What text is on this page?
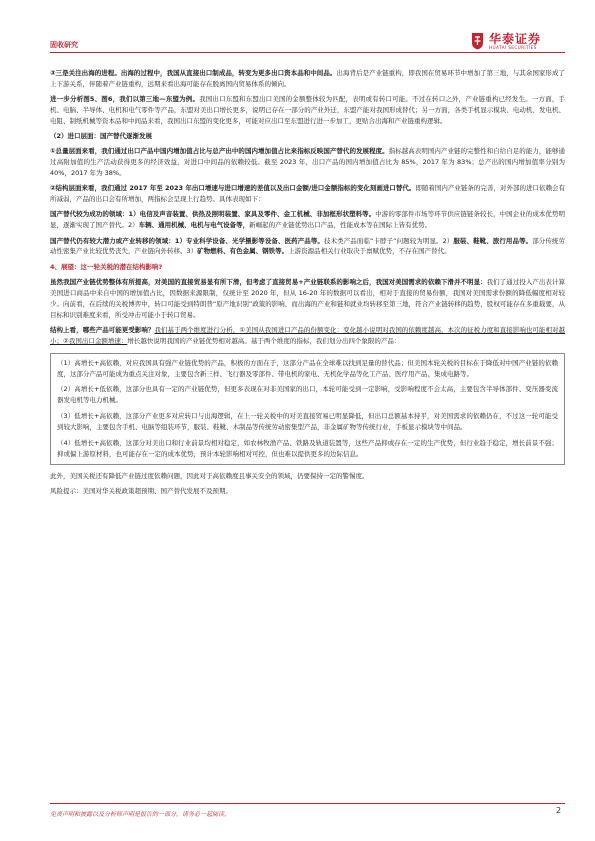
固收研究	华泰证券
HUATAI SECURITIES

③三是关注出海的进程。出海的过程中，我国从直接出口制成品，转变为更多出口资本品和中间品。出海背后是产业链重构，即我国在贸易环节中增加了第三地，与其余国家形成了上下游关系，伴随着产业链重构，远期来看出海可能存在脱离国内贸易体系的倾向。

进一步分析图5、图6，我们以第三地—东盟为例。我国出口东盟和东盟出口美国的金额整体较为匹配，表明或有转口可能。不过在转口之外，产业链重构已经发生。一方面，手机、电脑、半导体、电机和电气零件等产品，东盟对美出口增长更多，说明已存在一部分的产业外迁，东盟产能对我国形成替代；另一方面，各类手机显示模块、电动机、发电机、电阻、制纸机械等资本品和中间品来看，我国出口东盟的变化更多，可能对应出口至东盟进行进一步加工，更贴合出海和产业链重构逻辑。

（2）进口层面：国产替代逐渐发展

①总量层面来看，我们通过出口产品中国内增加值占比与总产出中的国内增加值占比来指标反映国产替代的发展程度。指标越高表明国内产业链的完整性和自给自足的能力，能够通过高附加值的生产活动获得更多的经济效益，对进口中间品的依赖较低。截至 2023 年，出口产品的国内增加值占比为 85%，2017 年为 83%；总产出的国内增加值率分别为 40%，2017 年为 38%。

②结构层面来看，我们通过 2017 年至 2023 年出口增速与进口增速的差值以及出口金额/进口金额指标的变化刻画进口替代。即随着国内产业链条的完善，对外部的进口依赖会有所减弱，产品的出口会有所增加，两指标会呈现上行趋势。具体表现如下：

国产替代较为成功的领域：1）电信及声音装置、供热及照明装置、家具及零件、金工机械、非加框形状塑料等。中游的零部件市场等环节供应链链条较长，中国企业的成本优势明显，逐渐实现了国产替代。2）车辆、通用机械、电机与电气设备等，新崛起的产业链优势出口产品，性能成本等在国际上皆有优势。

国产替代仍有较大潜力或产业转移的领域：1）专业科学设备、光学摄影等设备、医药产品等。技术类产品面临“卡脖子”问题较为明显。2）服装、鞋靴、旅行用品等。部分传统劳动性密集产业比较优势丧失，产业链向外转移。3）矿物燃料、有色金属、钢铁等。上游资源品相关行业取决于禀赋优势，不存在国产替代。

4、展望：这一轮关税的潜在结构影响?

虽然我国产业链优势整体有所提高，对美国的直接贸易显有所下滑，但考虑了直接贸易+产业链联系的影响之后，我国对美国需求的依赖下滑并不明显：我们了通过投入产出表计算美国进口商品中来自中国的增加值占比，因数据来源限制，仅统计至 2020 年，但从 16-20 年的数据可以看出，相对于直接的贸易份额，我国对美国需求份额的降低幅度相对较少。向前看，在后续的关税博弈中，转口可能受到特朗普“原产地识别”政策的影响，而出海的产业和链和就业均转移至第三地，符合产业链转移的趋势，股权可能存在多重载要，从目标和识别难度来看，所受冲击可能小于转口贸易。

结构上看，哪些产品可能更受影响？我们基于两个维度进行分析，①美国从我国进口产品的份额变化：变化越小说明对我国的依赖度越高，本次的征税力度和直接影响也可能相对越小；②我国出口金额增速：增长越快说明我国的产业链优势相对越高。基于两个维度的指标，我们划分出四个象限的产品：

（1）高增长+高依赖，对应我国具有强产业链优势的产品，积极的方面在于，这部分产品在全球难以找到足量的替代品；但美国本轮关税的目标在于降低对中国产业链的依赖度，这部分产品可能成为重点关注对象，主要包含新三样、飞行器及零部件、带电机的家电、无机化学品等化工产品、医疗用产品、集成电路等。

（2）高增长+低依赖，这部分也具有一定的产业链优势，但更多表现在对非美国家的出口，本轮可能受到一定影响，受影响程度不会太高，主要包含半导体部件、变压器变流器发电机等电力机械。

（3）低增长+高依赖，这部分产业更多对应转口与出海逻辑，在上一轮关税中的对美直接贸易已明显降低，但出口总额基本持平，对美国需求的依赖仍在，不过这一轮可能受到较大影响，主要包含手机、电脑等组装环节，服装、鞋靴、木制品等传统劳动密集型产品，非金属矿物等传统行业，手板显示模块等中间品。

（4）低增长+高依赖，这部分对美出口和行业前景均相对稳定，如农林牧渔产品、铁路及轨道装置等，这些产品抑或存在一定的生产优势，但行业趋于稳定，增长前景不强；抑或偏上游原材料，也可能存在一定的成本优势，预计本轮影响相对可控，但也难以提供更多的边际信息。

此外，美国关税还有降低产业链过度依赖问题，因此对于高依赖度且事关安全的领域，仍要保持一定的警惕度。

风险提示：美国对华关税政策超预期、国产替代发展不及预期。

免责声明和披露以及分析师声明是报告的一部分，请务必一起阅读。	2
